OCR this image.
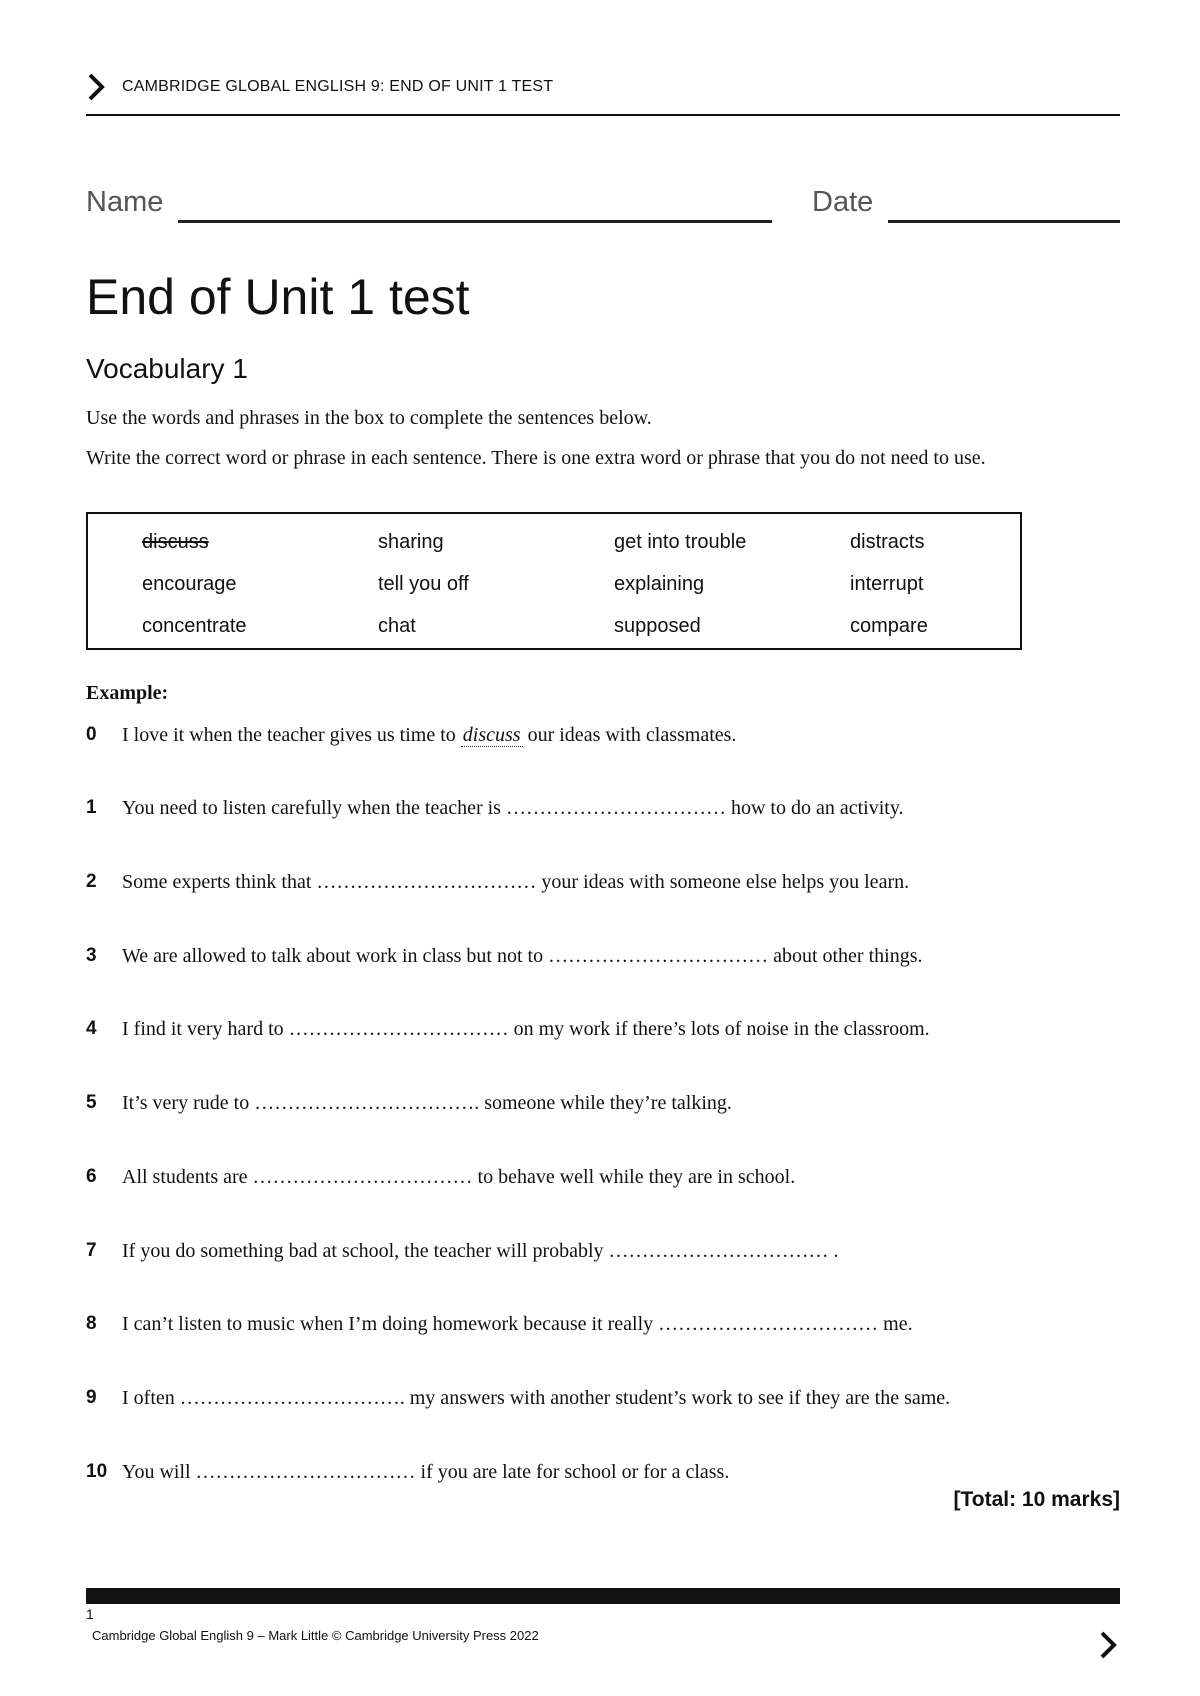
CAMBRIDGE GLOBAL ENGLISH 9: END OF UNIT 1 TEST
Name	Date
End of Unit 1 test
Vocabulary 1
Use the words and phrases in the box to complete the sentences below.
Write the correct word or phrase in each sentence. There is one extra word or phrase that you do not need to use.
discuss	sharing	get into trouble	distracts
encourage	tell you off	explaining	interrupt
concentrate	chat	supposed	compare
Example:
0 I love it when the teacher gives us time to discuss our ideas with classmates.
1 You need to listen carefully when the teacher is …………………………… how to do an activity.
2 Some experts think that …………………………… your ideas with someone else helps you learn.
3 We are allowed to talk about work in class but not to …………………………… about other things.
4 I find it very hard to …………………………… on my work if there’s lots of noise in the classroom.
5 It’s very rude to ……………………………. someone while they’re talking.
6 All students are …………………………… to behave well while they are in school.
7 If you do something bad at school, the teacher will probably …………………………… .
8 I can’t listen to music when I’m doing homework because it really …………………………… me.
9 I often ……………………………. my answers with another student’s work to see if they are the same.
10 You will …………………………… if you are late for school or for a class.
[Total: 10 marks]
1
Cambridge Global English 9 – Mark Little © Cambridge University Press 2022
